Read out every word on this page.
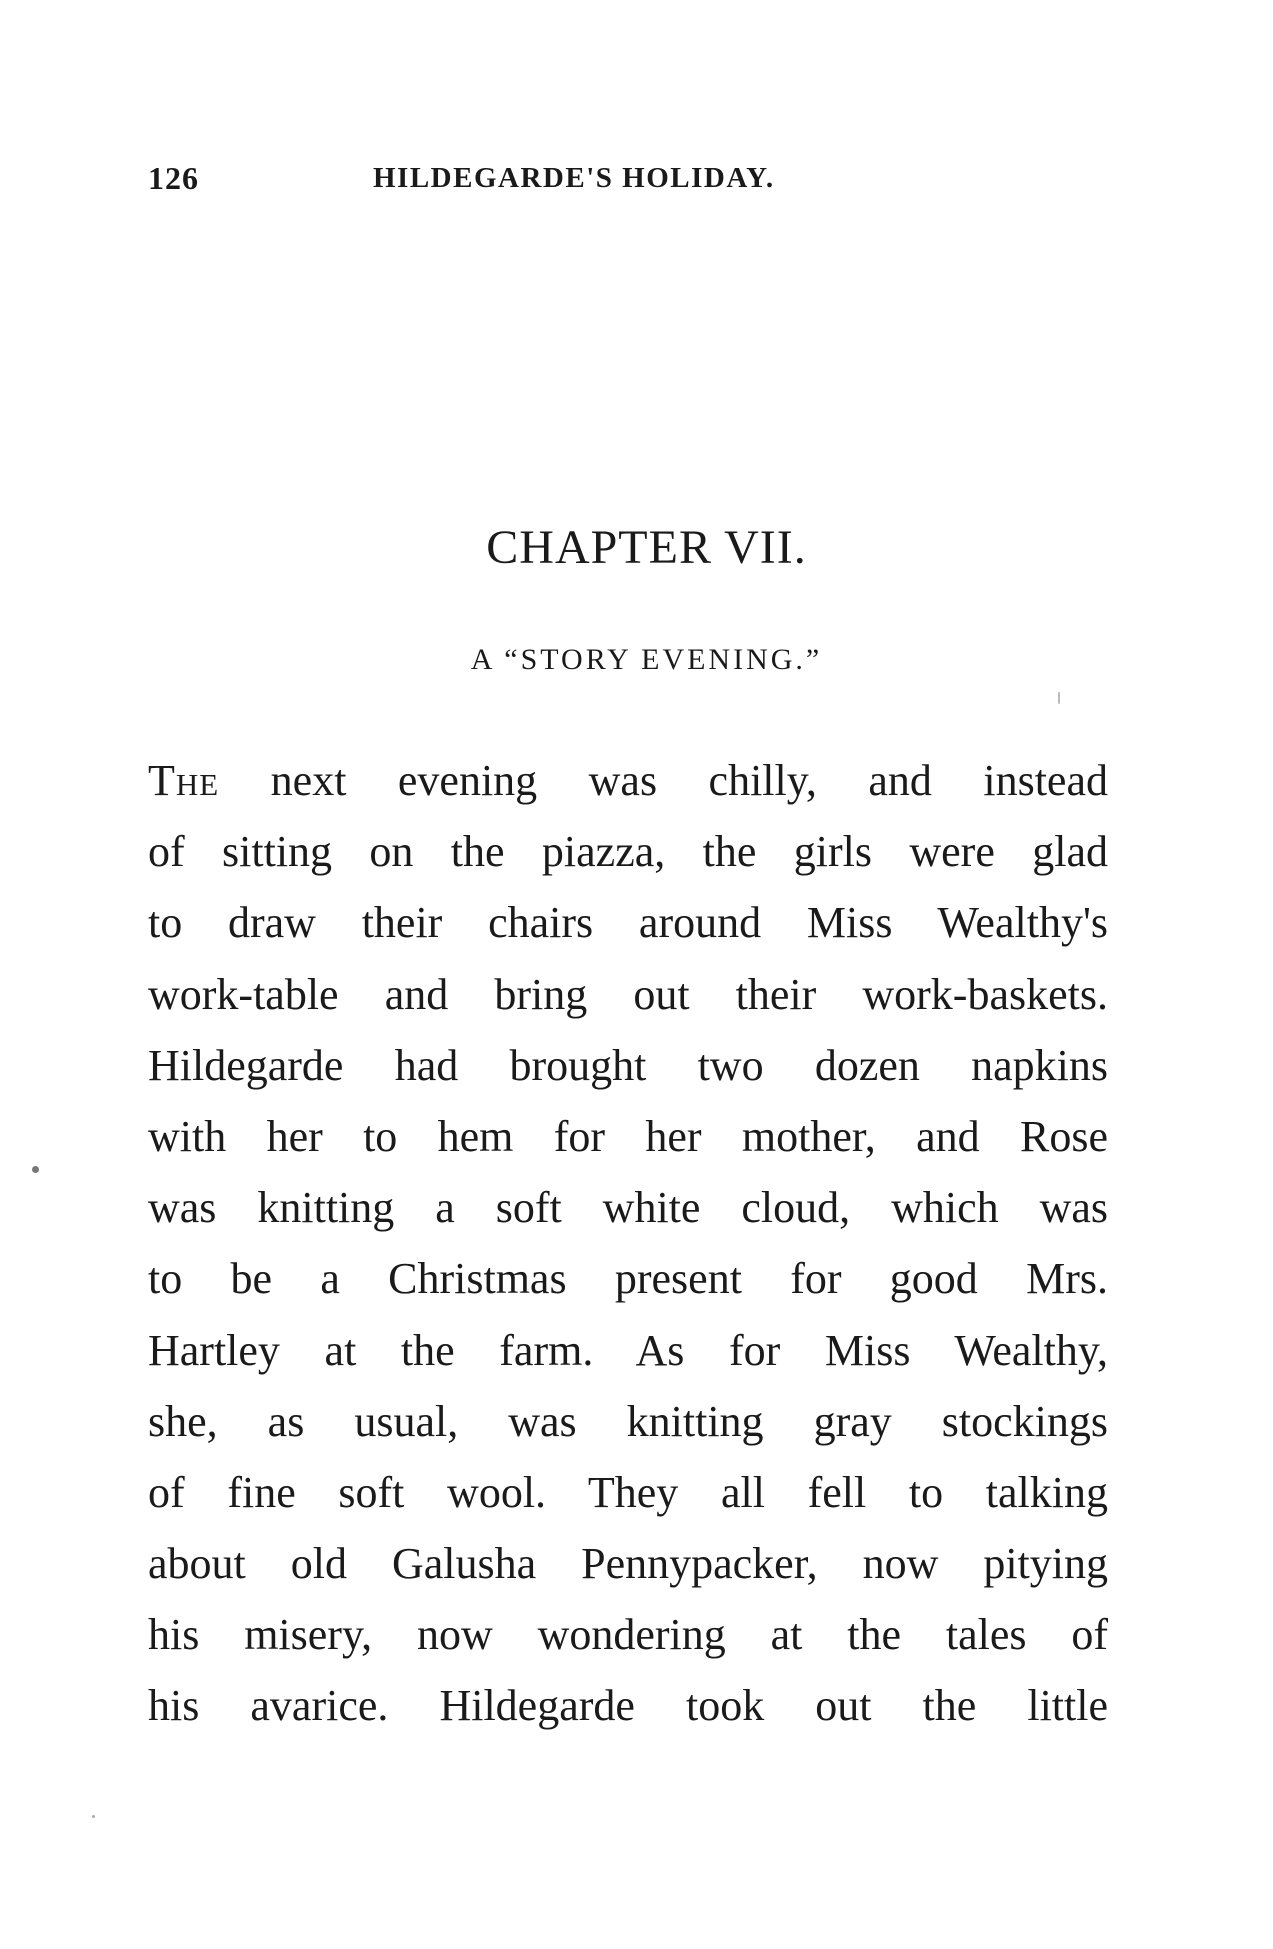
126	HILDEGARDE'S HOLIDAY.
CHAPTER VII.
A “STORY EVENING.”
The next evening was chilly, and instead
of sitting on the piazza, the girls were glad
to draw their chairs around Miss Wealthy's
work-table and bring out their work-baskets.
Hildegarde had brought two dozen napkins
with her to hem for her mother, and Rose
was knitting a soft white cloud, which was
to be a Christmas present for good Mrs.
Hartley at the farm. As for Miss Wealthy,
she, as usual, was knitting gray stockings
of fine soft wool. They all fell to talking
about old Galusha Pennypacker, now pitying
his misery, now wondering at the tales of
his avarice. Hildegarde took out the little
